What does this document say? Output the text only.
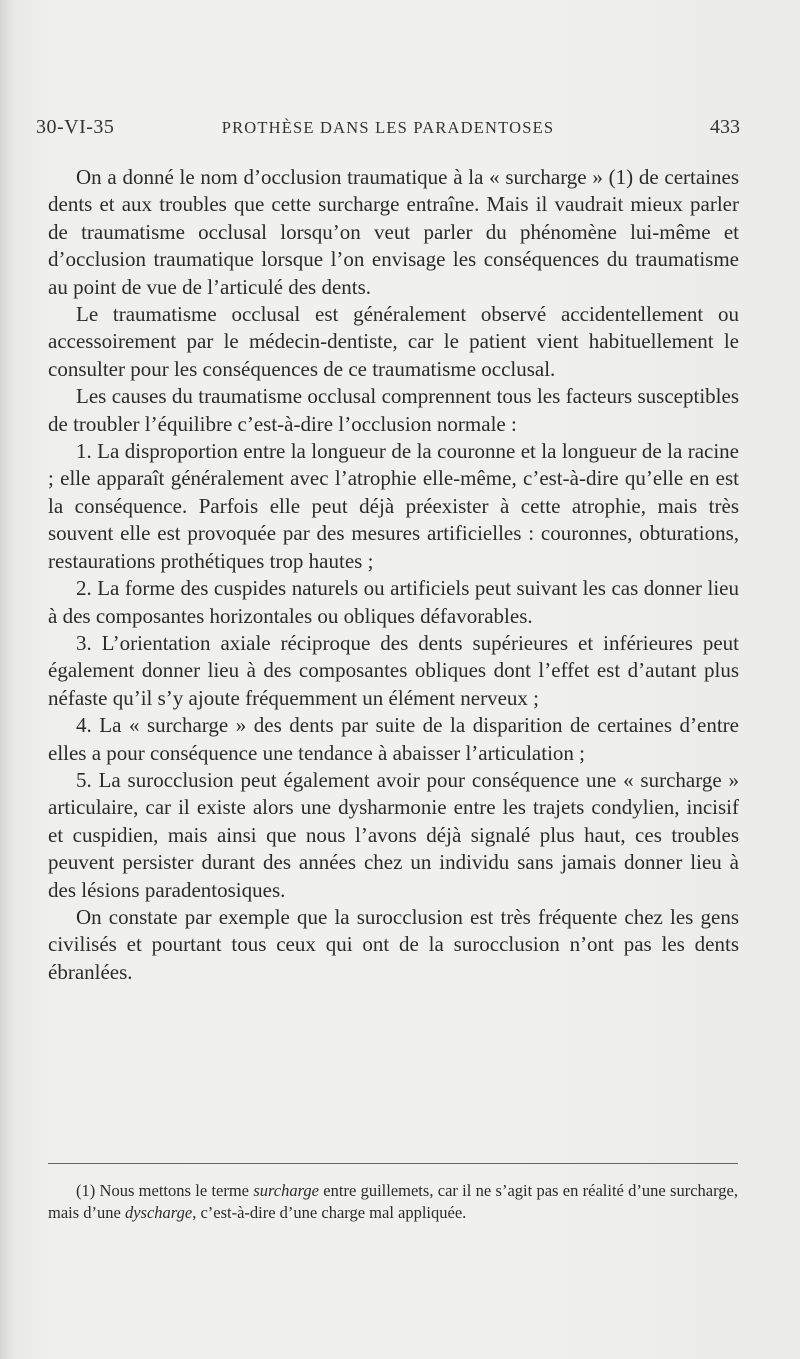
30-VI-35	PROTHÈSE DANS LES PARADENTOSES	433

On a donné le nom d’occlusion traumatique à la « surcharge » (1) de certaines dents et aux troubles que cette surcharge entraîne. Mais il vaudrait mieux parler de traumatisme occlusal lorsqu’on veut parler du phénomène lui-même et d’occlusion traumatique lorsque l’on envisage les conséquences du traumatisme au point de vue de l’articulé des dents.

Le traumatisme occlusal est généralement observé accidentellement ou accessoirement par le médecin-dentiste, car le patient vient habituellement le consulter pour les conséquences de ce traumatisme occlusal.

Les causes du traumatisme occlusal comprennent tous les facteurs susceptibles de troubler l’équilibre c’est-à-dire l’occlusion normale :

1. La disproportion entre la longueur de la couronne et la longueur de la racine ; elle apparaît généralement avec l’atrophie elle-même, c’est-à-dire qu’elle en est la conséquence. Parfois elle peut déjà préexister à cette atrophie, mais très souvent elle est provoquée par des mesures artificielles : couronnes, obturations, restaurations prothétiques trop hautes ;

2. La forme des cuspides naturels ou artificiels peut suivant les cas donner lieu à des composantes horizontales ou obliques défavorables.

3. L’orientation axiale réciproque des dents supérieures et inférieures peut également donner lieu à des composantes obliques dont l’effet est d’autant plus néfaste qu’il s’y ajoute fréquemment un élément nerveux ;

4. La « surcharge » des dents par suite de la disparition de certaines d’entre elles a pour conséquence une tendance à abaisser l’articulation ;

5. La surocclusion peut également avoir pour conséquence une « surcharge » articulaire, car il existe alors une dysharmonie entre les trajets condylien, incisif et cuspidien, mais ainsi que nous l’avons déjà signalé plus haut, ces troubles peuvent persister durant des années chez un individu sans jamais donner lieu à des lésions paradentosiques.

On constate par exemple que la surocclusion est très fréquente chez les gens civilisés et pourtant tous ceux qui ont de la surocclusion n’ont pas les dents ébranlées.

(1) Nous mettons le terme surcharge entre guillemets, car il ne s’agit pas en réalité d’une surcharge, mais d’une dyscharge, c’est-à-dire d’une charge mal appliquée.
